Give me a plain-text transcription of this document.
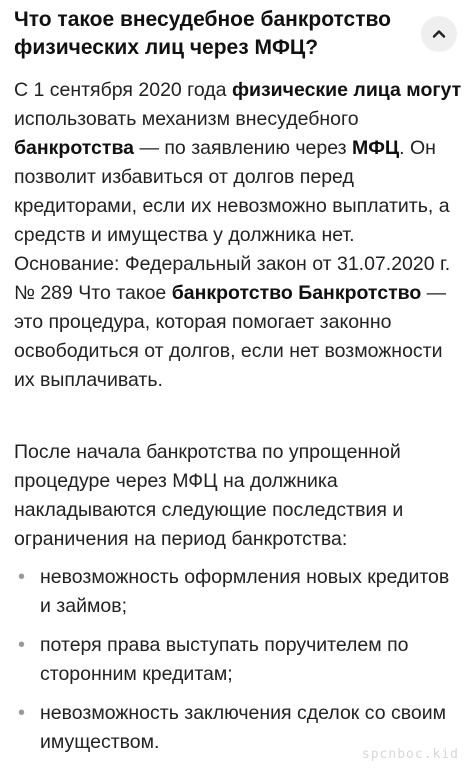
Что такое внесудебное банкротство физических лиц через МФЦ?

С 1 сентября 2020 года физические лица могут использовать механизм внесудебного банкротства — по заявлению через МФЦ. Он позволит избавиться от долгов перед кредиторами, если их невозможно выплатить, а средств и имущества у должника нет. Основание: Федеральный закон от 31.07.2020 г. № 289 Что такое банкротство Банкротство — это процедура, которая помогает законно освободиться от долгов, если нет возможности их выплачивать.

После начала банкротства по упрощенной процедуре через МФЦ на должника накладываются следующие последствия и ограничения на период банкротства:

• невозможность оформления новых кредитов и займов;
• потеря права выступать поручителем по сторонним кредитам;
• невозможность заключения сделок со своим имуществом.
spcnboc.kid
